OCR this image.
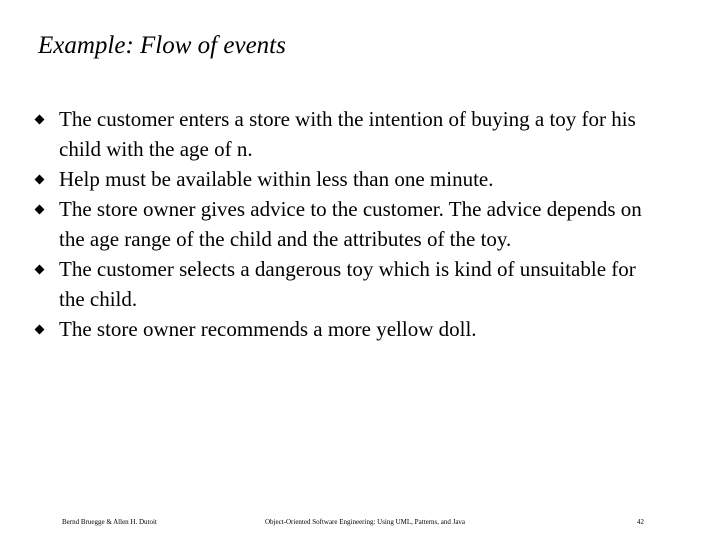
Example: Flow of events
The customer enters a store with the intention of buying a toy for his child with the age of n.
Help must be available within less than one minute.
The store owner gives advice to the customer. The advice depends on the age range of the child and the attributes of the toy.
The customer selects a dangerous toy which is kind of unsuitable for the child.
The store owner recommends a more yellow doll.
Bernd Bruegge & Allen H. Dutoit	Object-Oriented Software Engineering: Using UML, Patterns, and Java	42
